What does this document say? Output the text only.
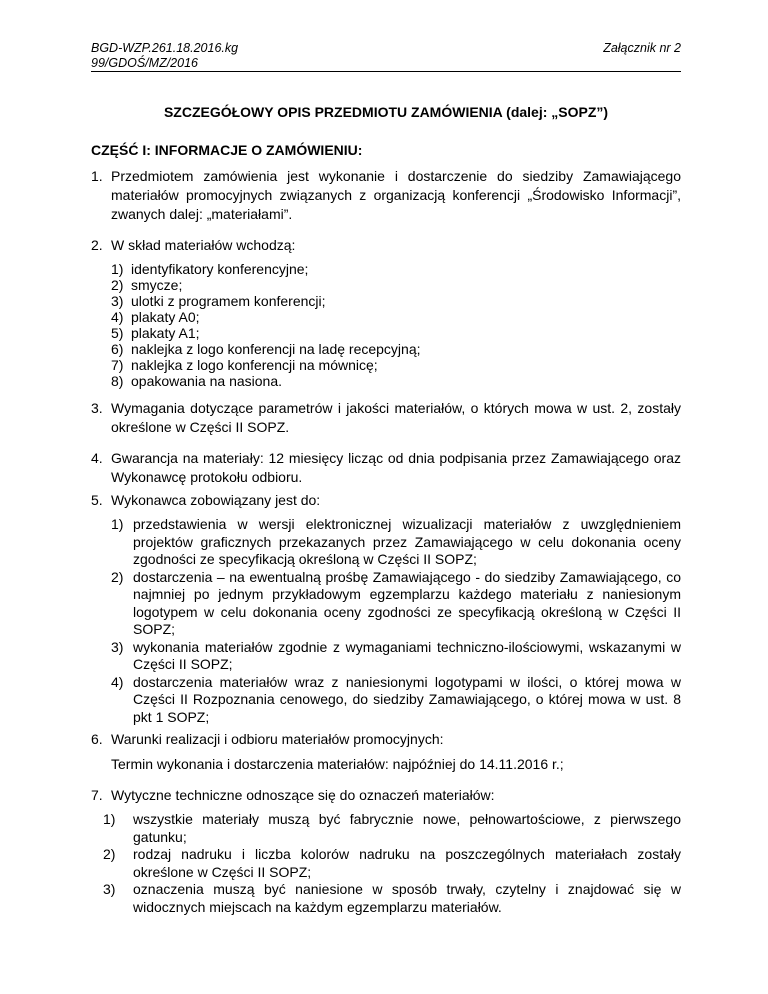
BGD-WZP.261.18.2016.kg
99/GDOŚ/MZ/2016
Załącznik nr 2
SZCZEGÓŁOWY OPIS PRZEDMIOTU ZAMÓWIENIA (dalej: „SOPZ”)
CZĘŚĆ I: INFORMACJE O ZAMÓWIENIU:
1. Przedmiotem zamówienia jest wykonanie i dostarczenie do siedziby Zamawiającego materiałów promocyjnych związanych z organizacją konferencji „Środowisko Informacji”, zwanych dalej: „materiałami”.
2. W skład materiałów wchodzą:
1) identyfikatory konferencyjne;
2) smycze;
3) ulotki z programem konferencji;
4) plakaty A0;
5) plakaty A1;
6) naklejka z logo konferencji na ladę recepcyjną;
7) naklejka z logo konferencji na mównicę;
8) opakowania na nasiona.
3. Wymagania dotyczące parametrów i jakości materiałów, o których mowa w ust. 2, zostały określone w Części II SOPZ.
4. Gwarancja na materiały: 12 miesięcy licząc od dnia podpisania przez Zamawiającego oraz Wykonawcę protokołu odbioru.
5. Wykonawca zobowiązany jest do:
1) przedstawienia w wersji elektronicznej wizualizacji materiałów z uwzględnieniem projektów graficznych przekazanych przez Zamawiającego w celu dokonania oceny zgodności ze specyfikacją określoną w Części II SOPZ;
2) dostarczenia – na ewentualną prośbę Zamawiającego - do siedziby Zamawiającego, co najmniej po jednym przykładowym egzemplarzu każdego materiału z naniesionym logotypem w celu dokonania oceny zgodności ze specyfikacją określoną w Części II SOPZ;
3) wykonania materiałów zgodnie z wymaganiami techniczno-ilościowymi, wskazanymi w Części II SOPZ;
4) dostarczenia materiałów wraz z naniesionymi logotypami w ilości, o której mowa w Części II Rozpoznania cenowego, do siedziby Zamawiającego, o której mowa w ust. 8 pkt 1 SOPZ;
6. Warunki realizacji i odbioru materiałów promocyjnych:
Termin wykonania i dostarczenia materiałów: najpóźniej do 14.11.2016 r.;
7. Wytyczne techniczne odnoszące się do oznaczeń materiałów:
1)	wszystkie materiały muszą być fabrycznie nowe, pełnowartościowe, z pierwszego gatunku;
2)	rodzaj nadruku i liczba kolorów nadruku na poszczególnych materiałach zostały określone w Części II SOPZ;
3)	oznaczenia muszą być naniesione w sposób trwały, czytelny i znajdować się w widocznych miejscach na każdym egzemplarzu materiałów.
